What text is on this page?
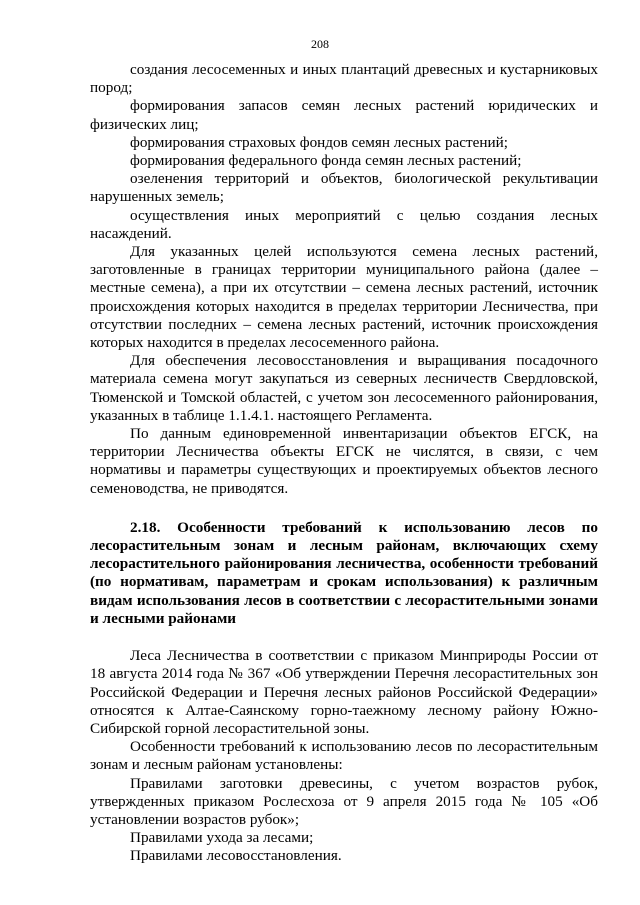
208

создания лесосеменных и иных плантаций древесных и кустарниковых пород;

формирования запасов семян лесных растений юридических и физических лиц;

формирования страховых фондов семян лесных растений;

формирования федерального фонда семян лесных растений;

озеленения территорий и объектов, биологической рекультивации нарушенных земель;

осуществления иных мероприятий с целью создания лесных насаждений.

Для указанных целей используются семена лесных растений, заготовленные в границах территории муниципального района (далее – местные семена), а при их отсутствии – семена лесных растений, источник происхождения которых находится в пределах территории Лесничества, при отсутствии последних – семена лесных растений, источник происхождения которых находится в пределах лесосеменного района.

Для обеспечения лесовосстановления и выращивания посадочного материала семена могут закупаться из северных лесничеств Свердловской, Тюменской и Томской областей, с учетом зон лесосеменного районирования, указанных в таблице 1.1.4.1. настоящего Регламента.

По данным единовременной инвентаризации объектов ЕГСК, на территории Лесничества объекты ЕГСК не числятся, в связи, с чем нормативы и параметры существующих и проектируемых объектов лесного семеноводства, не приводятся.

2.18. Особенности требований к использованию лесов по лесорастительным зонам и лесным районам, включающих схему лесорастительного районирования лесничества, особенности требований (по нормативам, параметрам и срокам использования) к различным видам использования лесов в соответствии с лесорастительными зонами и лесными районами

Леса Лесничества в соответствии с приказом Минприроды России от 18 августа 2014 года № 367 «Об утверждении Перечня лесорастительных зон Российской Федерации и Перечня лесных районов Российской Федерации» относятся к Алтае-Саянскому горно-таежному лесному району Южно-Сибирской горной лесорастительной зоны.

Особенности требований к использованию лесов по лесорастительным зонам и лесным районам установлены:

Правилами заготовки древесины, с учетом возрастов рубок, утвержденных приказом Рослесхоза от 9 апреля 2015 года № 105 «Об установлении возрастов рубок»;

Правилами ухода за лесами;

Правилами лесовосстановления.
